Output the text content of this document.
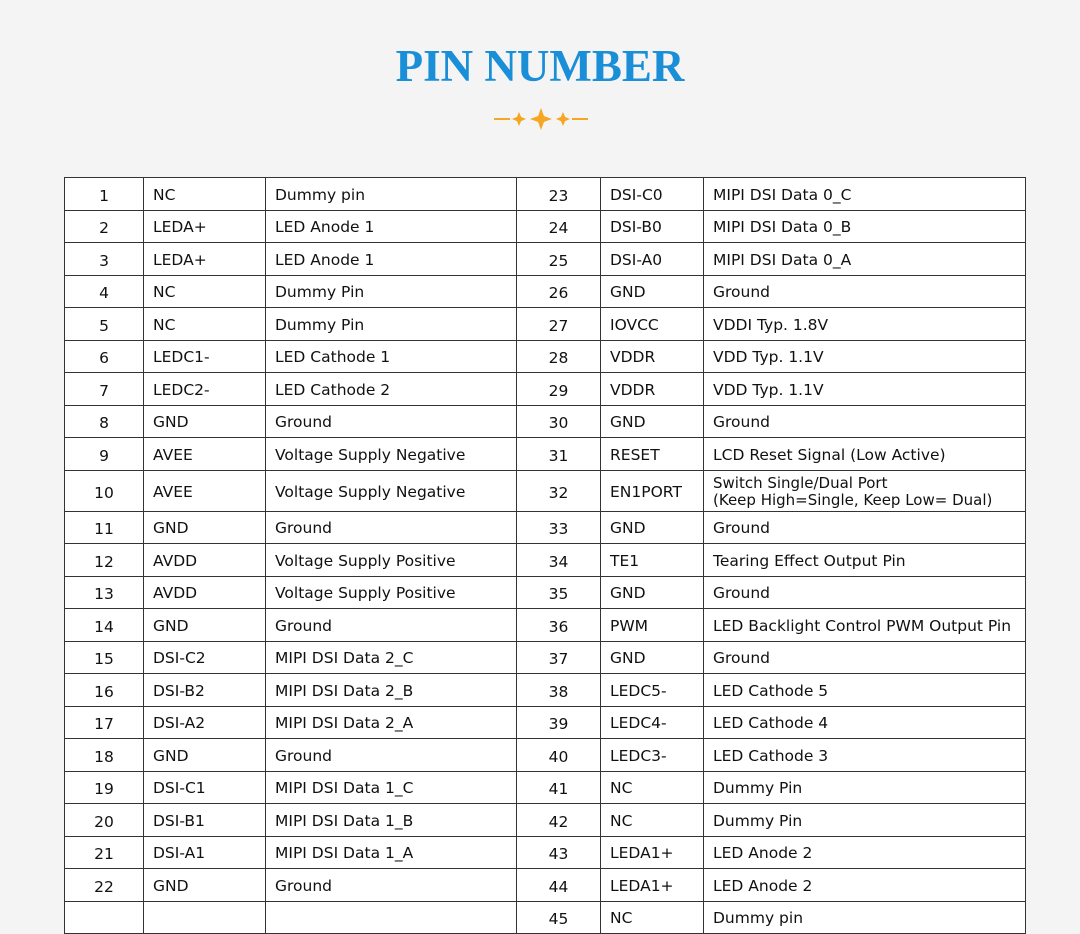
PIN NUMBER
1	NC	Dummy pin	23	DSI-C0	MIPI DSI Data 0_C
2	LEDA+	LED Anode 1	24	DSI-B0	MIPI DSI Data 0_B
3	LEDA+	LED Anode 1	25	DSI-A0	MIPI DSI Data 0_A
4	NC	Dummy Pin	26	GND	Ground
5	NC	Dummy Pin	27	IOVCC	VDDI Typ. 1.8V
6	LEDC1-	LED Cathode 1	28	VDDR	VDD Typ. 1.1V
7	LEDC2-	LED Cathode 2	29	VDDR	VDD Typ. 1.1V
8	GND	Ground	30	GND	Ground
9	AVEE	Voltage Supply Negative	31	RESET	LCD Reset Signal (Low Active)
10	AVEE	Voltage Supply Negative	32	EN1PORT	Switch Single/Dual Port
(Keep High=Single, Keep Low= Dual)

11	GND	Ground	33	GND	Ground
12	AVDD	Voltage Supply Positive	34	TE1	Tearing Effect Output Pin
13	AVDD	Voltage Supply Positive	35	GND	Ground
14	GND	Ground	36	PWM	LED Backlight Control PWM Output Pin
15	DSI-C2	MIPI DSI Data 2_C	37	GND	Ground
16	DSI-B2	MIPI DSI Data 2_B	38	LEDC5-	LED Cathode 5
17	DSI-A2	MIPI DSI Data 2_A	39	LEDC4-	LED Cathode 4
18	GND	Ground	40	LEDC3-	LED Cathode 3
19	DSI-C1	MIPI DSI Data 1_C	41	NC	Dummy Pin
20	DSI-B1	MIPI DSI Data 1_B	42	NC	Dummy Pin
21	DSI-A1	MIPI DSI Data 1_A	43	LEDA1+	LED Anode 2
22	GND	Ground	44	LEDA1+	LED Anode 2
			45	NC	Dummy pin
